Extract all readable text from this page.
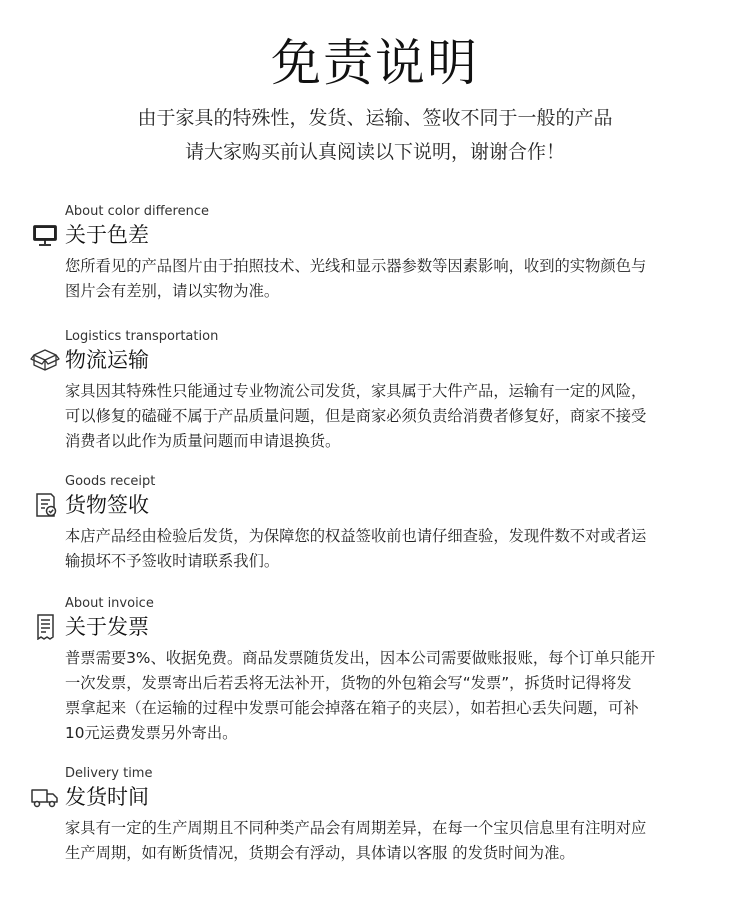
免责说明
由于家具的特殊性，发货、运输、签收不同于一般的产品
请大家购买前认真阅读以下说明，谢谢合作！
About color difference
关于色差
您所看见的产品图片由于拍照技术、光线和显示器参数等因素影响，收到的实物颜色与
图片会有差别，请以实物为准。
Logistics transportation
物流运输
家具因其特殊性只能通过专业物流公司发货，家具属于大件产品，运输有一定的风险，
可以修复的磕碰不属于产品质量问题，但是商家必须负责给消费者修复好，商家不接受
消费者以此作为质量问题而申请退换货。
Goods receipt
货物签收
本店产品经由检验后发货，为保障您的权益签收前也请仔细查验，发现件数不对或者运
输损坏不予签收时请联系我们。
About invoice
关于发票
普票需要3%、收据免费。商品发票随货发出，因本公司需要做账报账，每个订单只能开
一次发票，发票寄出后若丢将无法补开，货物的外包箱会写“发票”，拆货时记得将发
票拿起来（在运输的过程中发票可能会掉落在箱子的夹层），如若担心丢失问题，可补
10元运费发票另外寄出。
Delivery time
发货时间
家具有一定的生产周期且不同种类产品会有周期差异，在每一个宝贝信息里有注明对应
生产周期，如有断货情况，货期会有浮动，具体请以客服 的发货时间为准。
